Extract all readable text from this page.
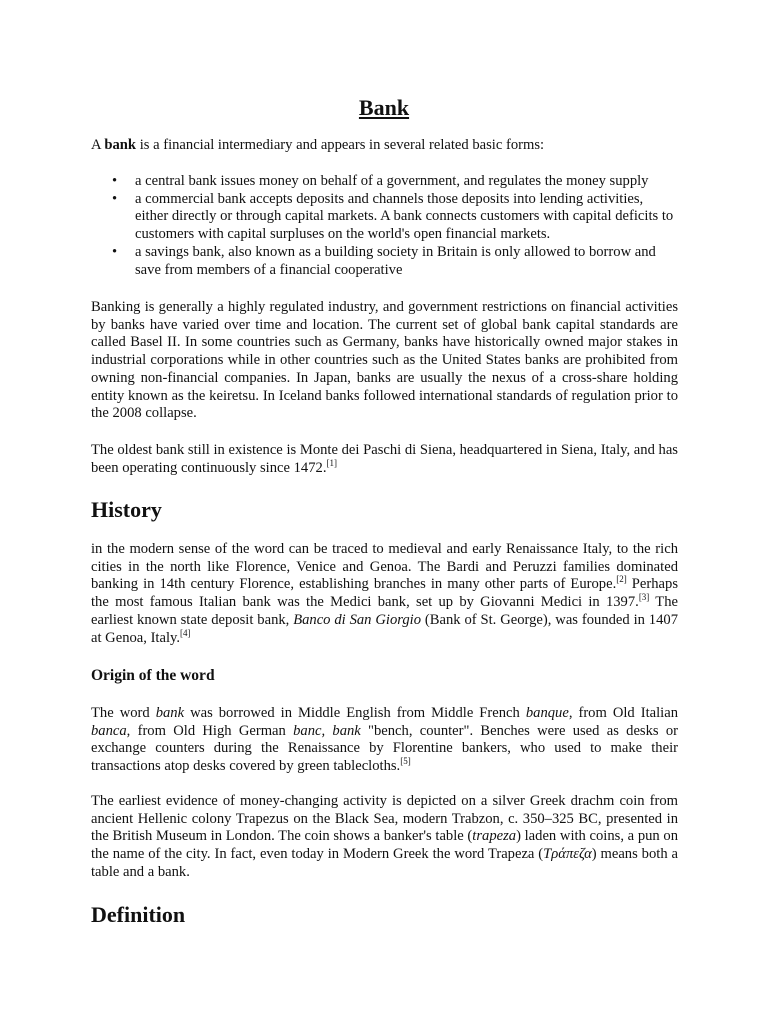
Bank

A bank is a financial intermediary and appears in several related basic forms:

• a central bank issues money on behalf of a government, and regulates the money supply
• a commercial bank accepts deposits and channels those deposits into lending activities, either directly or through capital markets. A bank connects customers with capital deficits to customers with capital surpluses on the world's open financial markets.
• a savings bank, also known as a building society in Britain is only allowed to borrow and save from members of a financial cooperative

Banking is generally a highly regulated industry, and government restrictions on financial activities by banks have varied over time and location. The current set of global bank capital standards are called Basel II. In some countries such as Germany, banks have historically owned major stakes in industrial corporations while in other countries such as the United States banks are prohibited from owning non-financial companies. In Japan, banks are usually the nexus of a cross-share holding entity known as the keiretsu. In Iceland banks followed international standards of regulation prior to the 2008 collapse.

The oldest bank still in existence is Monte dei Paschi di Siena, headquartered in Siena, Italy, and has been operating continuously since 1472.[1]

History

in the modern sense of the word can be traced to medieval and early Renaissance Italy, to the rich cities in the north like Florence, Venice and Genoa. The Bardi and Peruzzi families dominated banking in 14th century Florence, establishing branches in many other parts of Europe.[2] Perhaps the most famous Italian bank was the Medici bank, set up by Giovanni Medici in 1397.[3] The earliest known state deposit bank, Banco di San Giorgio (Bank of St. George), was founded in 1407 at Genoa, Italy.[4]

Origin of the word

The word bank was borrowed in Middle English from Middle French banque, from Old Italian banca, from Old High German banc, bank "bench, counter". Benches were used as desks or exchange counters during the Renaissance by Florentine bankers, who used to make their transactions atop desks covered by green tablecloths.[5]

The earliest evidence of money-changing activity is depicted on a silver Greek drachm coin from ancient Hellenic colony Trapezus on the Black Sea, modern Trabzon, c. 350–325 BC, presented in the British Museum in London. The coin shows a banker's table (trapeza) laden with coins, a pun on the name of the city. In fact, even today in Modern Greek the word Trapeza (Τράπεζα) means both a table and a bank.

Definition
